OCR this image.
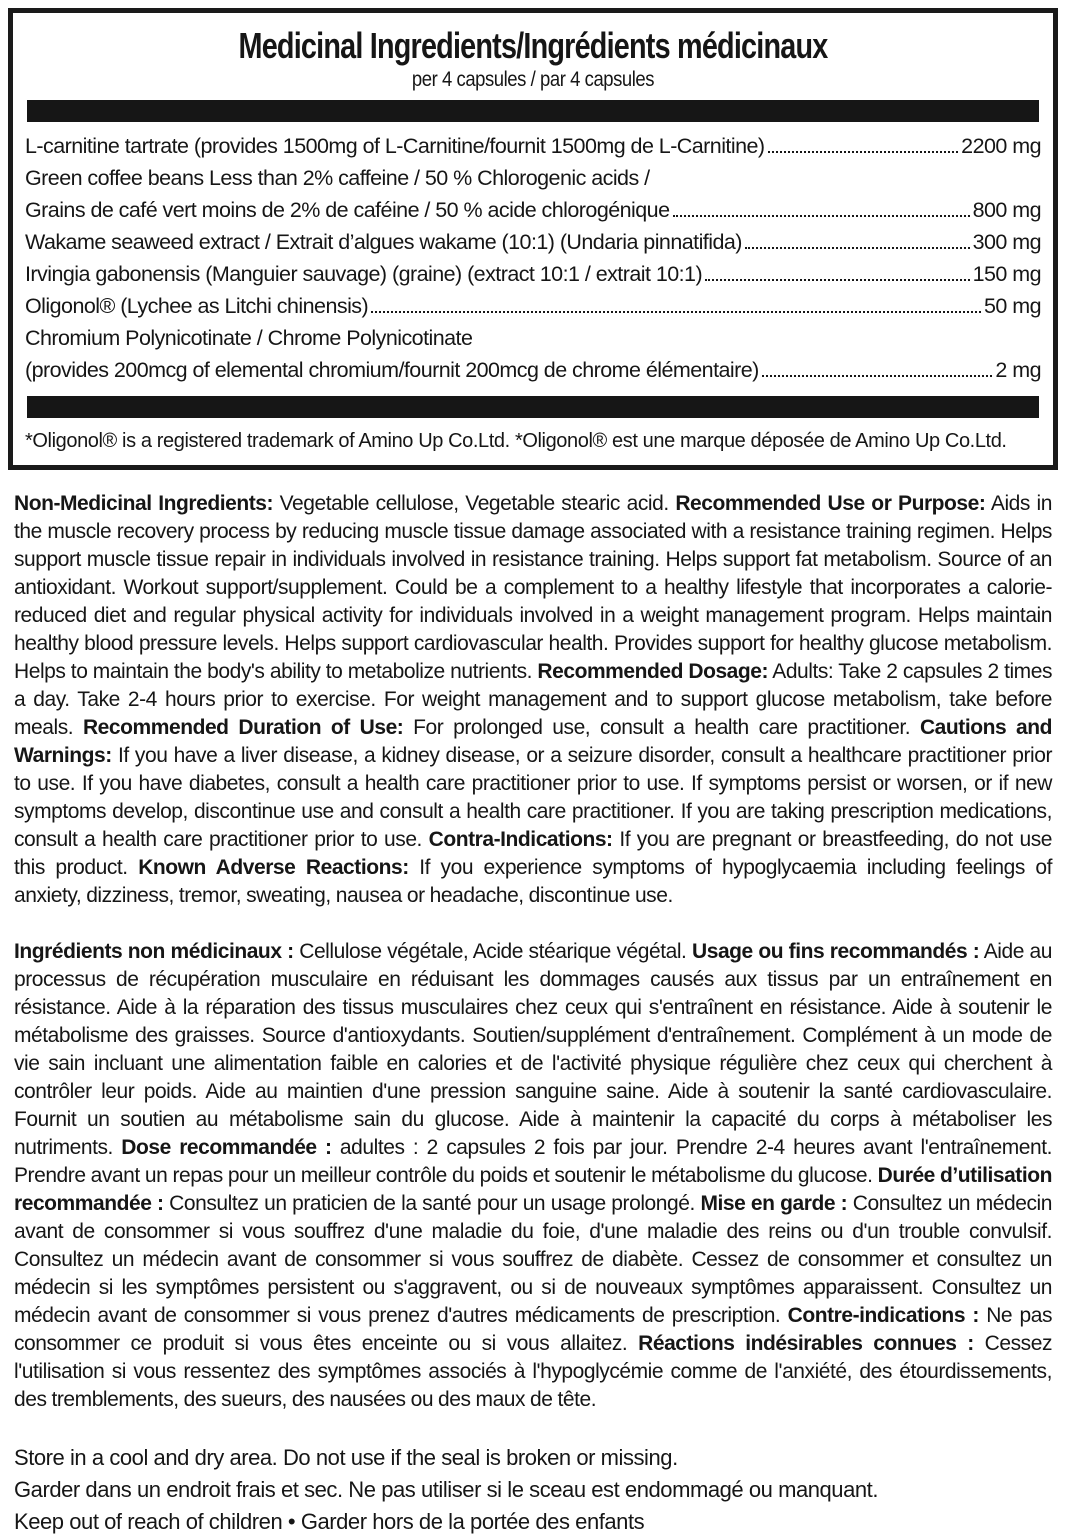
Medicinal Ingredients/Ingrédients médicinaux
per 4 capsules / par 4 capsules
L-carnitine tartrate (provides 1500mg of L-Carnitine/fournit 1500mg de L-Carnitine)	2200 mg
Green coffee beans Less than 2% caffeine / 50 % Chlorogenic acids /
Grains de café vert moins de 2% de caféine / 50 % acide chlorogénique	800 mg
Wakame seaweed extract / Extrait d’algues wakame (10:1) (Undaria pinnatifida)	300 mg
Irvingia gabonensis (Manguier sauvage) (graine) (extract 10:1 / extrait 10:1)	150 mg
Oligonol® (Lychee as Litchi chinensis)	50 mg
Chromium Polynicotinate / Chrome Polynicotinate
(provides 200mcg of elemental chromium/fournit 200mcg de chrome élémentaire)	2 mg
*Oligonol® is a registered trademark of Amino Up Co.Ltd. *Oligonol® est une marque déposée de Amino Up Co.Ltd.

Non-Medicinal Ingredients: Vegetable cellulose, Vegetable stearic acid. Recommended Use or Purpose: Aids in the muscle recovery process by reducing muscle tissue damage associated with a resistance training regimen. Helps support muscle tissue repair in individuals involved in resistance training. Helps support fat metabolism. Source of an antioxidant. Workout support/supplement. Could be a complement to a healthy lifestyle that incorporates a calorie-reduced diet and regular physical activity for individuals involved in a weight management program. Helps maintain healthy blood pressure levels. Helps support cardiovascular health. Provides support for healthy glucose metabolism. Helps to maintain the body's ability to metabolize nutrients. Recommended Dosage: Adults: Take 2 capsules 2 times a day. Take 2-4 hours prior to exercise. For weight management and to support glucose metabolism, take before meals. Recommended Duration of Use: For prolonged use, consult a health care practitioner. Cautions and Warnings: If you have a liver disease, a kidney disease, or a seizure disorder, consult a healthcare practitioner prior to use. If you have diabetes, consult a health care practitioner prior to use. If symptoms persist or worsen, or if new symptoms develop, discontinue use and consult a health care practitioner. If you are taking prescription medications, consult a health care practitioner prior to use. Contra-Indications: If you are pregnant or breastfeeding, do not use this product. Known Adverse Reactions: If you experience symptoms of hypoglycaemia including feelings of anxiety, dizziness, tremor, sweating, nausea or headache, discontinue use.

Ingrédients non médicinaux : Cellulose végétale, Acide stéarique végétal. Usage ou fins recommandés : Aide au processus de récupération musculaire en réduisant les dommages causés aux tissus par un entraînement en résistance. Aide à la réparation des tissus musculaires chez ceux qui s'entraînent en résistance. Aide à soutenir le métabolisme des graisses. Source d'antioxydants. Soutien/supplément d'entraînement. Complément à un mode de vie sain incluant une alimentation faible en calories et de l'activité physique régulière chez ceux qui cherchent à contrôler leur poids. Aide au maintien d'une pression sanguine saine. Aide à soutenir la santé cardiovasculaire. Fournit un soutien au métabolisme sain du glucose. Aide à maintenir la capacité du corps à métaboliser les nutriments. Dose recommandée : adultes : 2 capsules 2 fois par jour. Prendre 2-4 heures avant l'entraînement. Prendre avant un repas pour un meilleur contrôle du poids et soutenir le métabolisme du glucose. Durée d’utilisation recommandée : Consultez un praticien de la santé pour un usage prolongé. Mise en garde : Consultez un médecin avant de consommer si vous souffrez d'une maladie du foie, d'une maladie des reins ou d'un trouble convulsif. Consultez un médecin avant de consommer si vous souffrez de diabète. Cessez de consommer et consultez un médecin si les symptômes persistent ou s'aggravent, ou si de nouveaux symptômes apparaissent. Consultez un médecin avant de consommer si vous prenez d'autres médicaments de prescription. Contre-indications : Ne pas consommer ce produit si vous êtes enceinte ou si vous allaitez. Réactions indésirables connues : Cessez l'utilisation si vous ressentez des symptômes associés à l'hypoglycémie comme de l'anxiété, des étourdissements, des tremblements, des sueurs, des nausées ou des maux de tête.

Store in a cool and dry area. Do not use if the seal is broken or missing.
Garder dans un endroit frais et sec. Ne pas utiliser si le sceau est endommagé ou manquant.
Keep out of reach of children • Garder hors de la portée des enfants
